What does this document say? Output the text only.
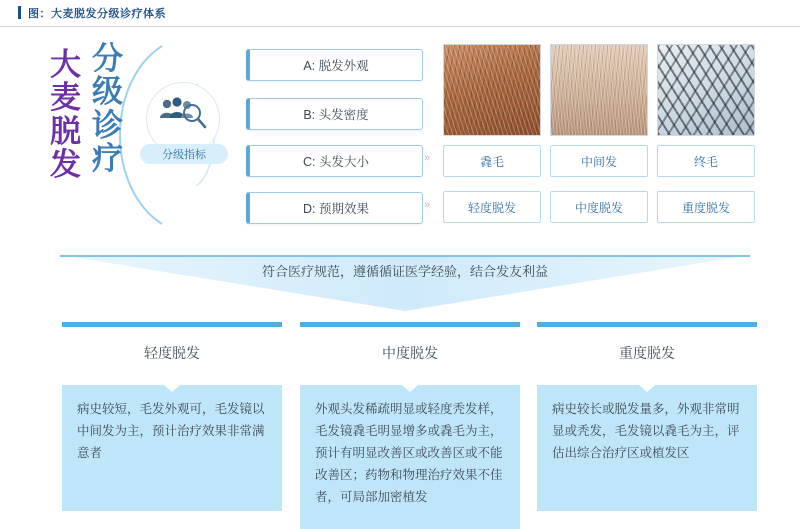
图：大麦脱发分级诊疗体系
大
麦
脱
发
分
级
诊
疗	分级指标
A: 脱发外观
B: 头发密度
C: 头发大小
D: 预期效果
»
»
毳毛	中间发	终毛
轻度脱发	中度脱发	重度脱发
符合医疗规范，遵循循证医学经验，结合发友利益
轻度脱发
病史较短，毛发外观可，毛发镜以中间发为主，预计治疗效果非常满意者
中度脱发
外观头发稀疏明显或轻度秃发样，毛发镜毳毛明显增多或毳毛为主，预计有明显改善区或改善区或不能改善区；药物和物理治疗效果不佳者，可局部加密植发
重度脱发
病史较长或脱发量多，外观非常明显或秃发，毛发镜以毳毛为主，评估出综合治疗区或植发区
